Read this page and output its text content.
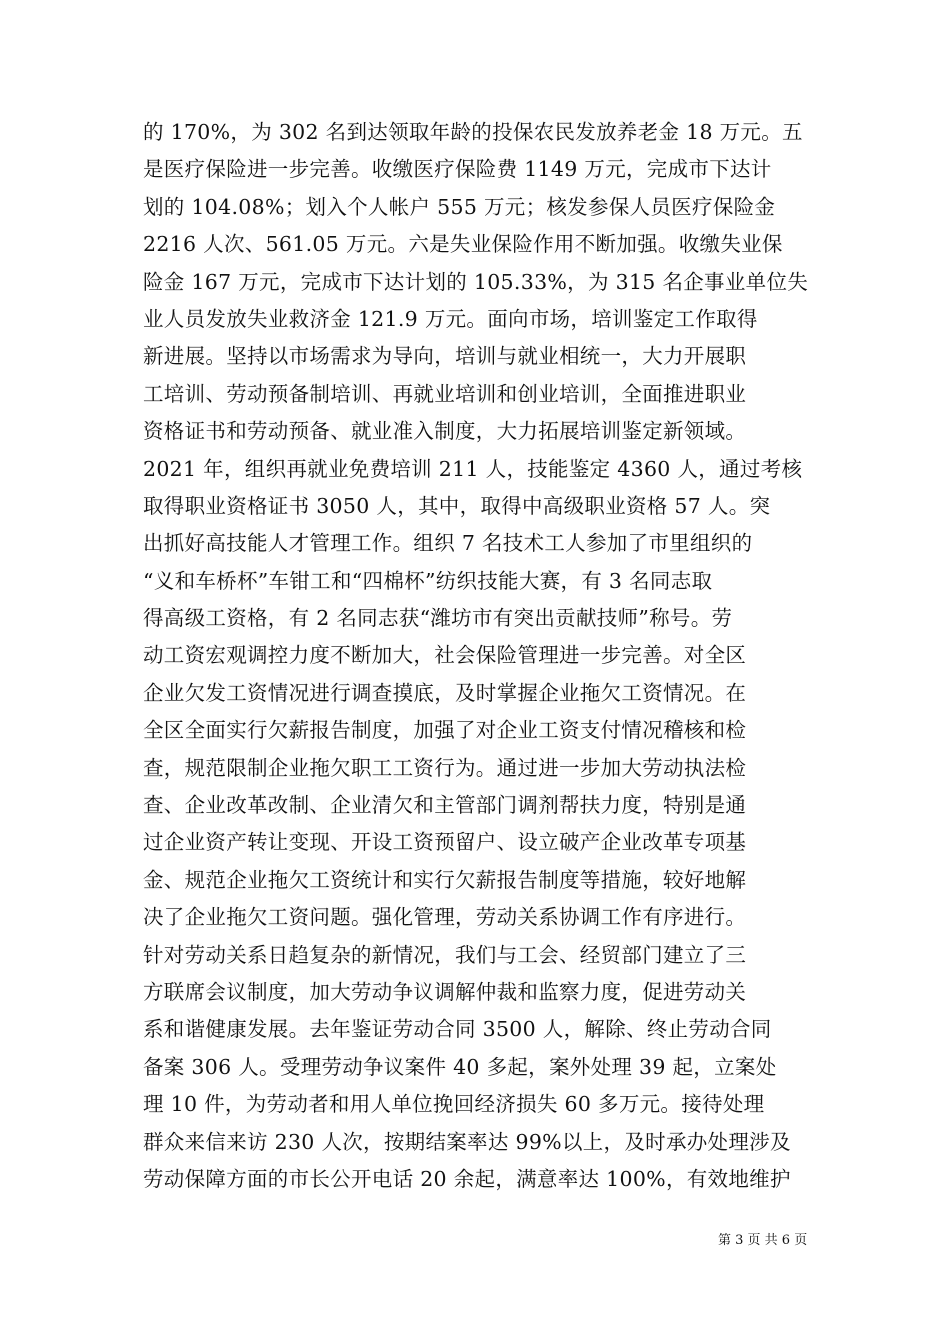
的 170%，为 302 名到达领取年龄的投保农民发放养老金 18 万元。五
是医疗保险进一步完善。收缴医疗保险费 1149 万元，完成市下达计
划的 104.08%；划入个人帐户 555 万元；核发参保人员医疗保险金
2216 人次、561.05 万元。六是失业保险作用不断加强。收缴失业保
险金 167 万元，完成市下达计划的 105.33%，为 315 名企事业单位失
业人员发放失业救济金 121.9 万元。面向市场，培训鉴定工作取得
新进展。坚持以市场需求为导向，培训与就业相统一，大力开展职
工培训、劳动预备制培训、再就业培训和创业培训，全面推进职业
资格证书和劳动预备、就业准入制度，大力拓展培训鉴定新领域。
2021 年，组织再就业免费培训 211 人，技能鉴定 4360 人，通过考核
取得职业资格证书 3050 人，其中，取得中高级职业资格 57 人。突
出抓好高技能人才管理工作。组织 7 名技术工人参加了市里组织的
“义和车桥杯”车钳工和“四棉杯”纺织技能大赛，有 3 名同志取
得高级工资格，有 2 名同志获“潍坊市有突出贡献技师”称号。劳
动工资宏观调控力度不断加大，社会保险管理进一步完善。对全区
企业欠发工资情况进行调查摸底，及时掌握企业拖欠工资情况。在
全区全面实行欠薪报告制度，加强了对企业工资支付情况稽核和检
查，规范限制企业拖欠职工工资行为。通过进一步加大劳动执法检
查、企业改革改制、企业清欠和主管部门调剂帮扶力度，特别是通
过企业资产转让变现、开设工资预留户、设立破产企业改革专项基
金、规范企业拖欠工资统计和实行欠薪报告制度等措施，较好地解
决了企业拖欠工资问题。强化管理，劳动关系协调工作有序进行。
针对劳动关系日趋复杂的新情况，我们与工会、经贸部门建立了三
方联席会议制度，加大劳动争议调解仲裁和监察力度，促进劳动关
系和谐健康发展。去年鉴证劳动合同 3500 人，解除、终止劳动合同
备案 306 人。受理劳动争议案件 40 多起，案外处理 39 起，立案处
理 10 件，为劳动者和用人单位挽回经济损失 60 多万元。接待处理
群众来信来访 230 人次，按期结案率达 99%以上，及时承办处理涉及
劳动保障方面的市长公开电话 20 余起，满意率达 100%，有效地维护
第 3 页 共 6 页
